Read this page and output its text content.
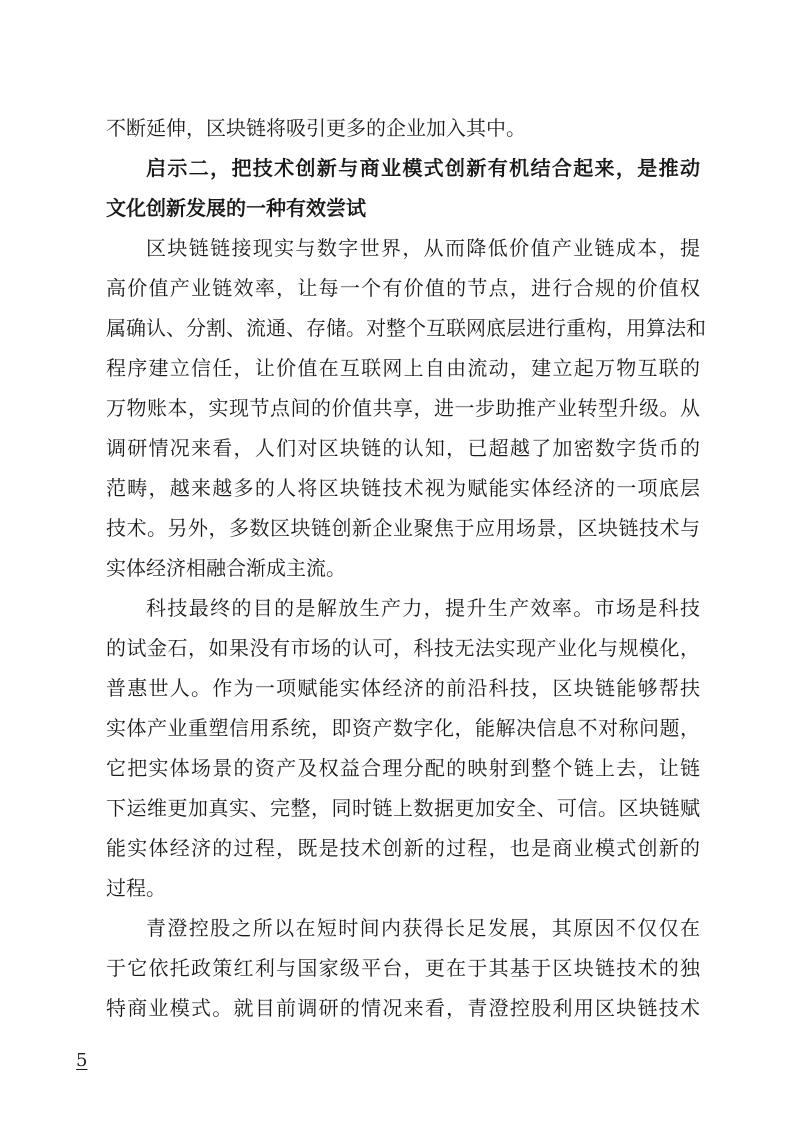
不断延伸，区块链将吸引更多的企业加入其中。
启示二，把技术创新与商业模式创新有机结合起来，是推动
文化创新发展的一种有效尝试
区块链链接现实与数字世界，从而降低价值产业链成本，提
高价值产业链效率，让每一个有价值的节点，进行合规的价值权
属确认、分割、流通、存储。对整个互联网底层进行重构，用算法和
程序建立信任，让价值在互联网上自由流动，建立起万物互联的
万物账本，实现节点间的价值共享，进一步助推产业转型升级。从
调研情况来看，人们对区块链的认知，已超越了加密数字货币的
范畴，越来越多的人将区块链技术视为赋能实体经济的一项底层
技术。另外，多数区块链创新企业聚焦于应用场景，区块链技术与
实体经济相融合渐成主流。
科技最终的目的是解放生产力，提升生产效率。市场是科技
的试金石，如果没有市场的认可，科技无法实现产业化与规模化，
普惠世人。作为一项赋能实体经济的前沿科技，区块链能够帮扶
实体产业重塑信用系统，即资产数字化，能解决信息不对称问题，
它把实体场景的资产及权益合理分配的映射到整个链上去，让链
下运维更加真实、完整，同时链上数据更加安全、可信。区块链赋
能实体经济的过程，既是技术创新的过程，也是商业模式创新的
过程。
青澄控股之所以在短时间内获得长足发展，其原因不仅仅在
于它依托政策红利与国家级平台，更在于其基于区块链技术的独
特商业模式。就目前调研的情况来看，青澄控股利用区块链技术
5
